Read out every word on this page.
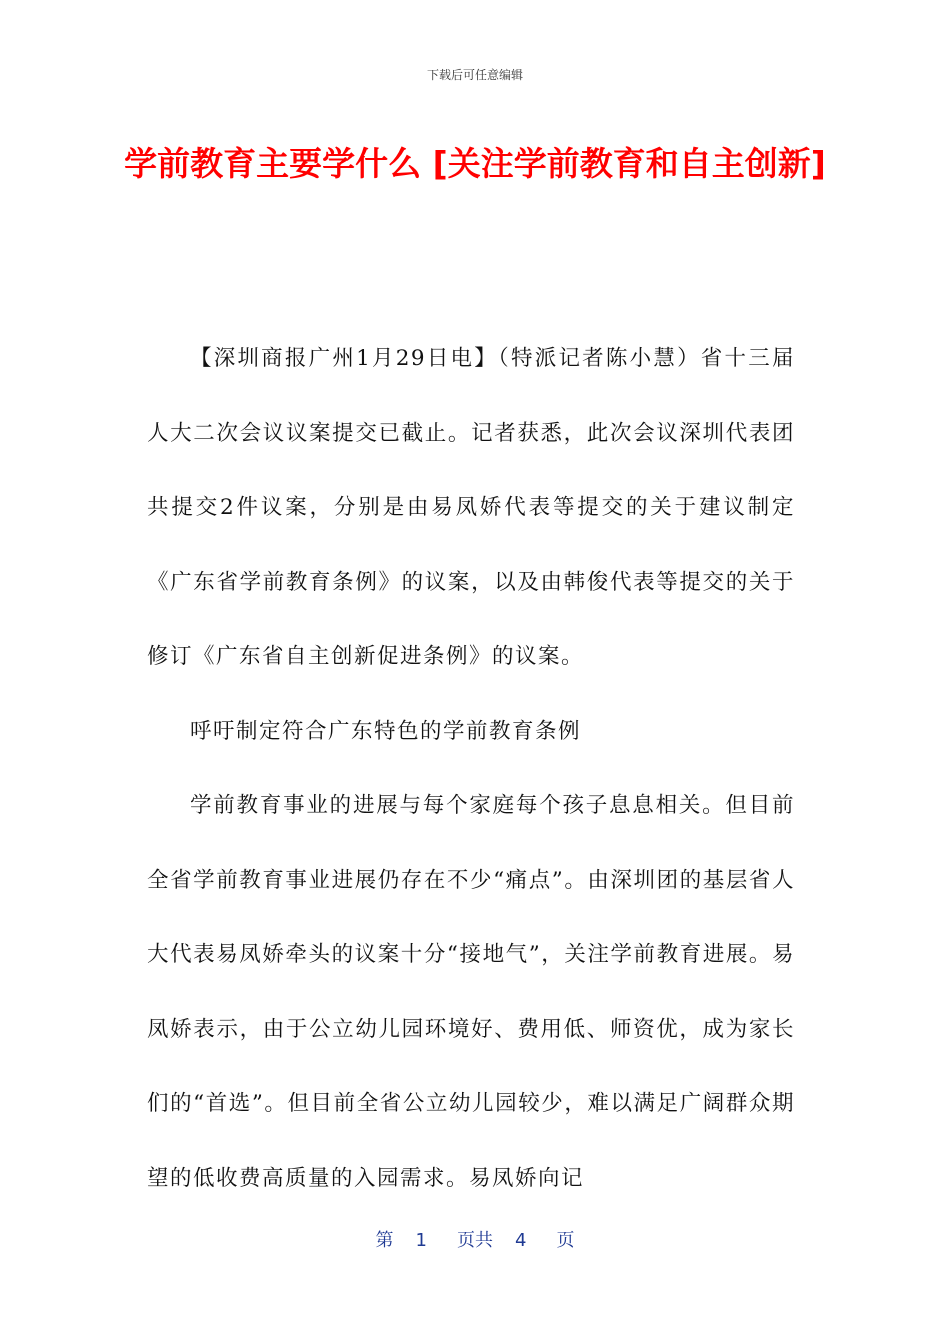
下载后可任意编辑
学前教育主要学什么 [关注学前教育和自主创新]

【深圳商报广州1月29日电】（特派记者陈小慧）省十三届人大二次会议议案提交已截止。记者获悉，此次会议深圳代表团共提交2件议案，分别是由易凤娇代表等提交的关于建议制定《广东省学前教育条例》的议案，以及由韩俊代表等提交的关于修订《广东省自主创新促进条例》的议案。

呼吁制定符合广东特色的学前教育条例

学前教育事业的进展与每个家庭每个孩子息息相关。但目前全省学前教育事业进展仍存在不少“痛点”。由深圳团的基层省人大代表易凤娇牵头的议案十分“接地气”，关注学前教育进展。易凤娇表示，由于公立幼儿园环境好、费用低、师资优，成为家长们的“首选”。但目前全省公立幼儿园较少，难以满足广阔群众期望的低收费高质量的入园需求。易凤娇向记

第 1 页共 4 页
